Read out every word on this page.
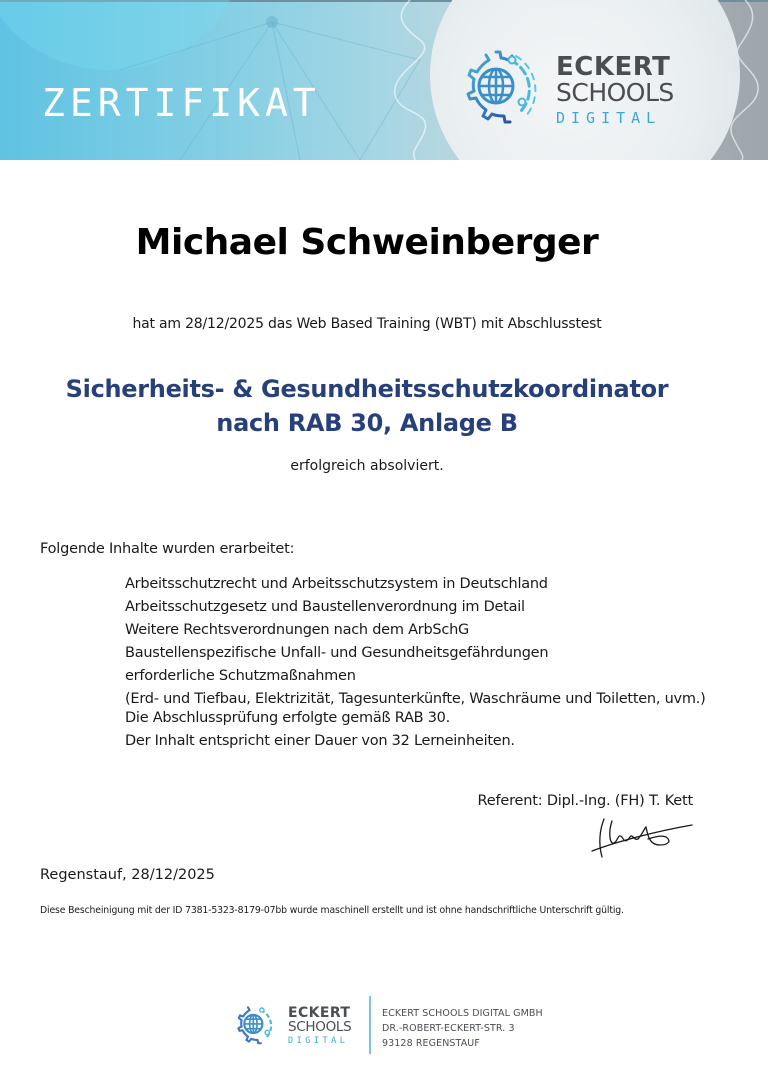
ZERTIFIKAT
ECKERT
SCHOOLS
DIGITAL
Michael Schweinberger
hat am 28/12/2025 das Web Based Training (WBT) mit Abschlusstest
Sicherheits- & Gesundheitsschutzkoordinator
nach RAB 30, Anlage B
erfolgreich absolviert.
Folgende Inhalte wurden erarbeitet:
Arbeitsschutzrecht und Arbeitsschutzsystem in Deutschland
Arbeitsschutzgesetz und Baustellenverordnung im Detail
Weitere Rechtsverordnungen nach dem ArbSchG
Baustellenspezifische Unfall- und Gesundheitsgefährdungen
erforderliche Schutzmaßnahmen
(Erd- und Tiefbau, Elektrizität, Tagesunterkünfte, Waschräume und Toiletten, uvm.)
Die Abschlussprüfung erfolgte gemäß RAB 30.
Der Inhalt entspricht einer Dauer von 32 Lerneinheiten.
Referent: Dipl.-Ing. (FH) T. Kett
Regenstauf, 28/12/2025
Diese Bescheinigung mit der ID 7381-5323-8179-07bb wurde maschinell erstellt und ist ohne handschriftliche Unterschrift gültig.
ECKERT
SCHOOLS
DIGITAL
ECKERT SCHOOLS DIGITAL GMBH
DR.-ROBERT-ECKERT-STR. 3
93128 REGENSTAUF
